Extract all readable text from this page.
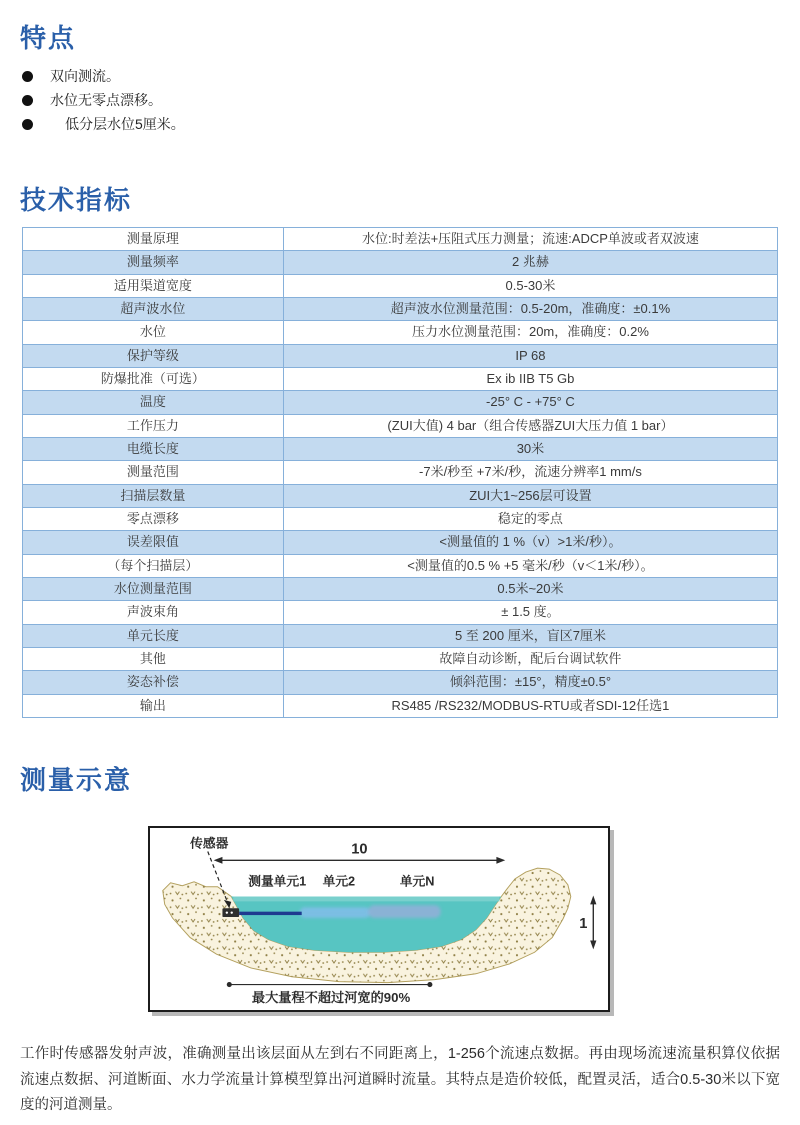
特点
双向测流。
水位无零点漂移。
低分层水位5厘米。
技术指标
测量原理	水位:时差法+压阻式压力测量；流速:ADCP单波或者双波速
测量频率	2 兆赫
适用渠道宽度	0.5-30米
超声波水位	超声波水位测量范围：0.5-20m，准确度：±0.1%
水位	压力水位测量范围：20m，准确度：0.2%
保护等级	IP 68
防爆批准（可选）	Ex ib IIB T5 Gb
温度	-25° C - +75° C
工作压力	(ZUI大值) 4 bar（组合传感器ZUI大压力值 1 bar）
电缆长度	30米
测量范围	-7米/秒至 +7米/秒，流速分辨率1 mm/s
扫描层数量	ZUI大1~256层可设置
零点漂移	稳定的零点
误差限值	<测量值的 1 %（v）>1米/秒）。
（每个扫描层）	<测量值的0.5 % +5 毫米/秒（v＜1米/秒）。
水位测量范围	0.5米~20米
声波束角	± 1.5 度。
单元长度	5 至 200 厘米，盲区7厘米
其他	故障自动诊断，配后台调试软件
姿态补偿	倾斜范围：±15°，精度±0.5°
输出	RS485 /RS232/MODBUS-RTU或者SDI-12任选1
测量示意
传感器	10
测量单元1 单元2	单元N
1
最大量程不超过河宽的90%

工作时传感器发射声波，准确测量出该层面从左到右不同距离上，1-256个流速点数据。再由现场流速流量积算仪依据流速点数据、河道断面、水力学流量计算模型算出河道瞬时流量。其特点是造价较低，配置灵活，适合0.5-30米以下宽度的河道测量。
